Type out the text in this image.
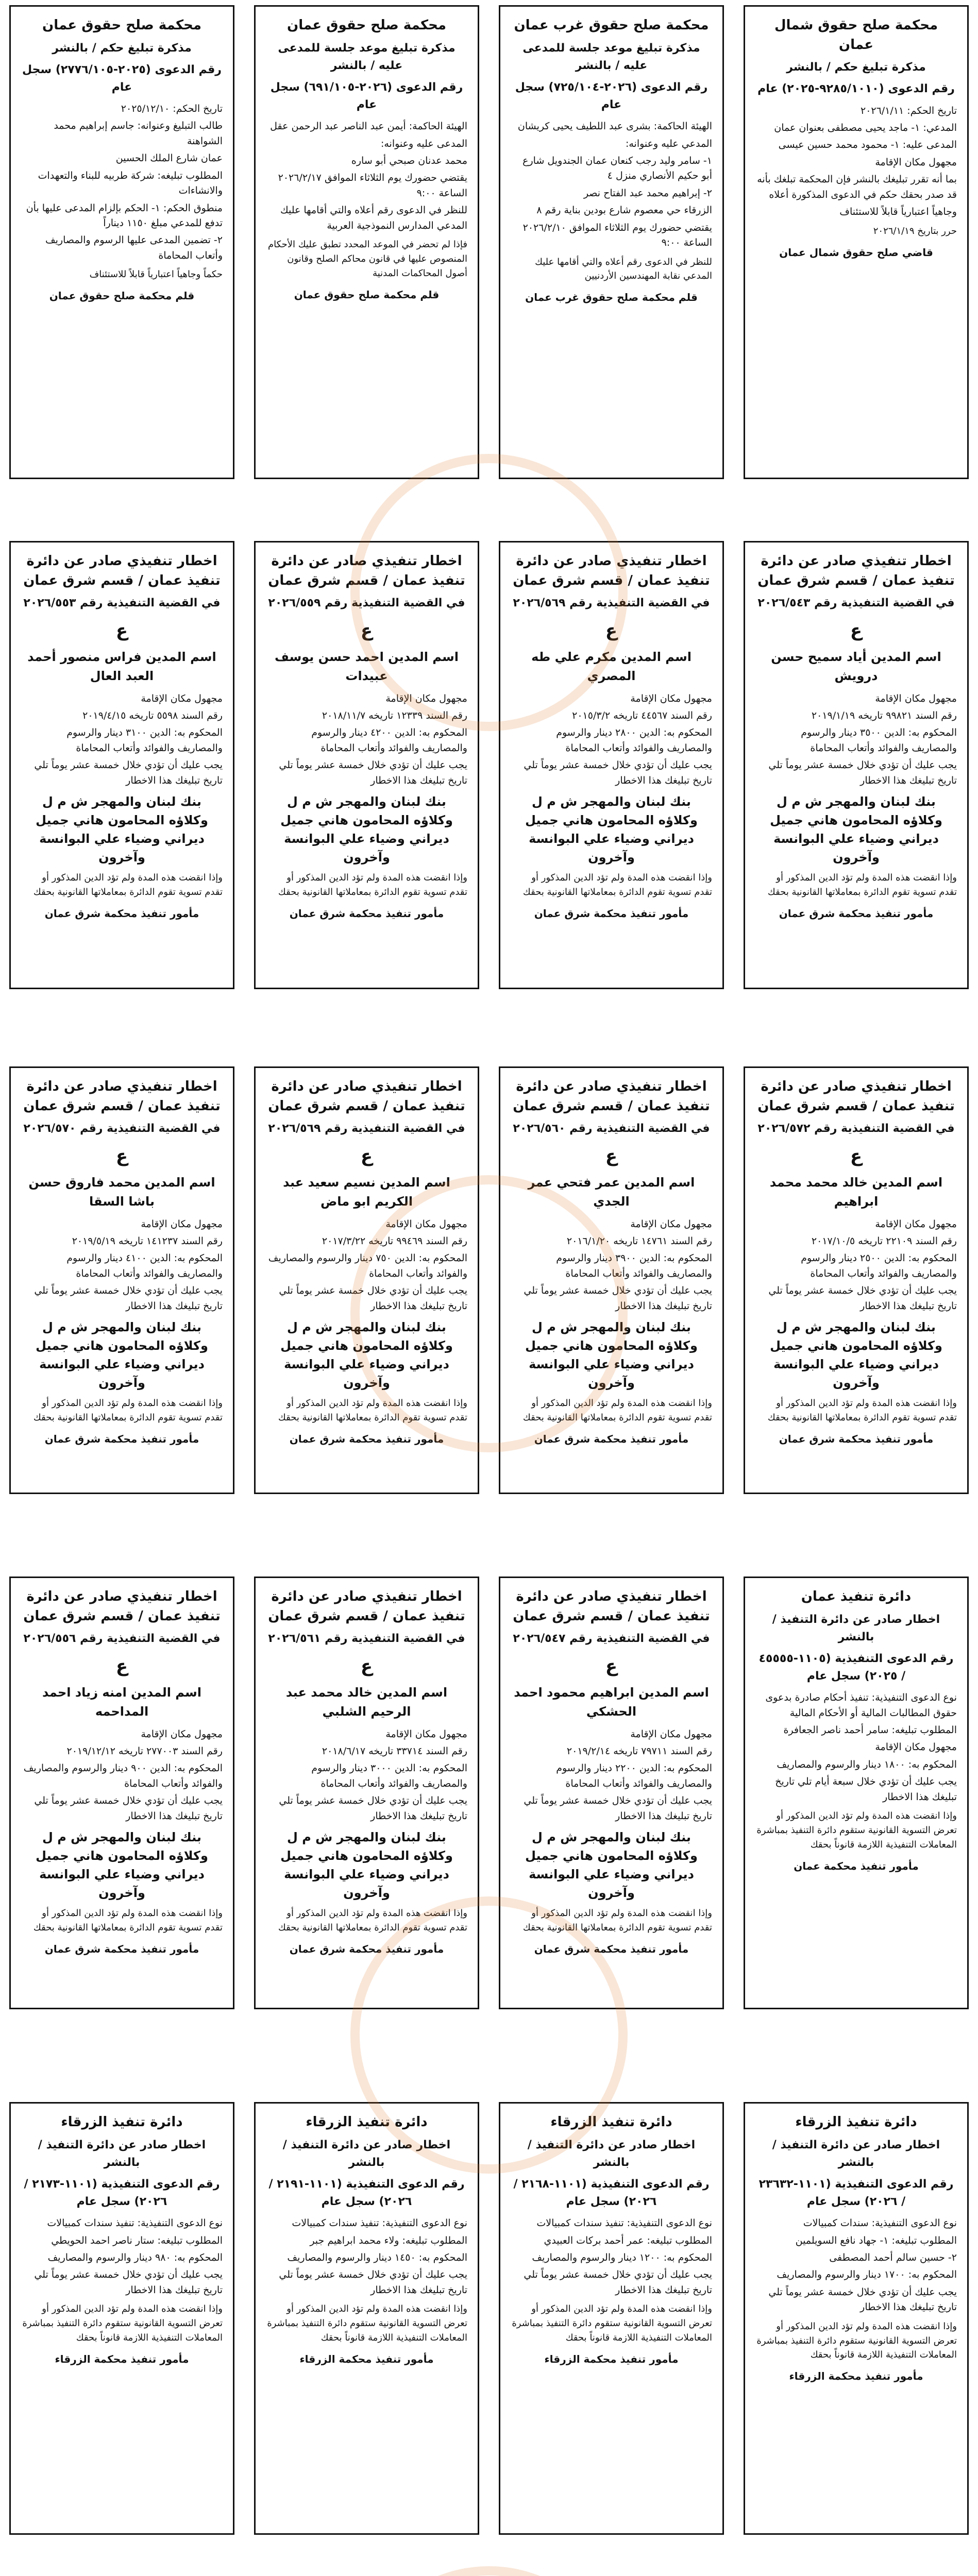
محكمة صلح حقوق شمال عمان
مذكرة تبليغ حكم / بالنشر
رقم الدعوى (٩٢٨٥/١٠١٠-٢٠٢٥) عام
تاريخ الحكم: ٢٠٢٦/١/١١
المدعي: ١- ماجد يحيى مصطفى بعنوان عمان
المدعى عليه: ١- محمود محمد حسين عيسى
مجهول مكان الإقامة
بما أنه تقرر تبليغك بالنشر فإن المحكمة تبلغك بأنه قد صدر بحقك حكم في الدعوى المذكورة أعلاه
وجاهياً اعتبارياً قابلاً للاستئناف
حرر بتاريخ ٢٠٢٦/١/١٩
قاضي صلح حقوق شمال عمان
محكمة صلح حقوق غرب عمان
مذكرة تبليغ موعد جلسة للمدعى عليه / بالنشر
رقم الدعوى (٢٠٢٦-٧٢٥/١٠٤) سجل عام
الهيئة الحاكمة: بشرى عبد اللطيف يحيى كريشان
المدعي عليه وعنوانه:
١- سامر وليد رجب كنعان عمان الجندويل شارع أبو حكيم الأنصاري منزل ٤
٢- إبراهيم محمد عبد الفتاح نصر
الزرقاء حي معصوم شارع بودين بناية رقم ٨
يقتضي حضورك يوم الثلاثاء الموافق ٢٠٢٦/٢/١٠ الساعة ٩:٠٠
للنظر في الدعوى رقم أعلاه والتي أقامها عليك المدعي نقابة المهندسين الأردنيين
قلم محكمة صلح حقوق غرب عمان
محكمة صلح حقوق عمان
مذكرة تبليغ موعد جلسة للمدعى عليه / بالنشر
رقم الدعوى (٢٠٢٦-٦٩١/١٠٥) سجل عام
الهيئة الحاكمة: أيمن عبد الناصر عبد الرحمن عقل
المدعى عليه وعنوانه:
محمد عدنان صبحي أبو ساره
يقتضي حضورك يوم الثلاثاء الموافق ٢٠٢٦/٢/١٧ الساعة ٩:٠٠
للنظر في الدعوى رقم أعلاه والتي أقامها عليك المدعي المدارس النموذجية العربية
فإذا لم تحضر في الموعد المحدد تطبق عليك الأحكام المنصوص عليها في قانون محاكم الصلح وقانون أصول المحاكمات المدنية
قلم محكمة صلح حقوق عمان
محكمة صلح حقوق عمان
مذكرة تبليغ حكم / بالنشر
رقم الدعوى (٢٠٢٥-٢٧٧٦/١٠٥) سجل عام
تاريخ الحكم: ٢٠٢٥/١٢/١٠
طالب التبليغ وعنوانه: جاسم إبراهيم محمد الشواهنة
عمان شارع الملك الحسين
المطلوب تبليغه: شركة طربيه للبناء والتعهدات والانشاءات
منطوق الحكم: ١- الحكم بإلزام المدعى عليها بأن تدفع للمدعي مبلغ ١١٥٠ ديناراً
٢- تضمين المدعى عليها الرسوم والمصاريف وأتعاب المحاماة
حكماً وجاهياً اعتبارياً قابلاً للاستئناف
قلم محكمة صلح حقوق عمان
اخطار تنفيذي صادر عن دائرة تنفيذ عمان / قسم شرق عمان
في القضية التنفيذية رقم ٢٠٢٦/٥٤٣
ع
اسم المدين أياد سميح حسن درويش
مجهول مكان الإقامة
رقم السند ٩٩٨٢١ تاريخه ٢٠١٩/١/١٩
المحكوم به: الدين ٣٥٠٠ دينار والرسوم والمصاريف والفوائد وأتعاب المحاماة
يجب عليك أن تؤدي خلال خمسة عشر يوماً تلي تاريخ تبليغك هذا الاخطار
بنك لبنان والمهجر ش م ل وكلاؤه المحامون هاني جميل ديراني وضياء علي البوانسة وآخرون
وإذا انقضت هذه المدة ولم تؤد الدين المذكور أو تقدم تسوية تقوم الدائرة بمعاملاتها القانونية بحقك
مأمور تنفيذ محكمة شرق عمان
اخطار تنفيذي صادر عن دائرة تنفيذ عمان / قسم شرق عمان
في القضية التنفيذية رقم ٢٠٢٦/٥٦٩
ع
اسم المدين مكرم علي طه المصري
مجهول مكان الإقامة
رقم السند ٤٤٥٦٧ تاريخه ٢٠١٥/٣/٢
المحكوم به: الدين ٢٨٠٠ دينار والرسوم والمصاريف والفوائد وأتعاب المحاماة
يجب عليك أن تؤدي خلال خمسة عشر يوماً تلي تاريخ تبليغك هذا الاخطار
بنك لبنان والمهجر ش م ل وكلاؤه المحامون هاني جميل ديراني وضياء علي البوانسة وآخرون
وإذا انقضت هذه المدة ولم تؤد الدين المذكور أو تقدم تسوية تقوم الدائرة بمعاملاتها القانونية بحقك
مأمور تنفيذ محكمة شرق عمان
اخطار تنفيذي صادر عن دائرة تنفيذ عمان / قسم شرق عمان
في القضية التنفيذية رقم ٢٠٢٦/٥٥٩
ع
اسم المدين احمد حسن يوسف عبيدات
مجهول مكان الإقامة
رقم السند ١٢٣٣٩ تاريخه ٢٠١٨/١١/٧
المحكوم به: الدين ٤٢٠٠ دينار والرسوم والمصاريف والفوائد وأتعاب المحاماة
يجب عليك أن تؤدي خلال خمسة عشر يوماً تلي تاريخ تبليغك هذا الاخطار
بنك لبنان والمهجر ش م ل وكلاؤه المحامون هاني جميل ديراني وضياء علي البوانسة وآخرون
وإذا انقضت هذه المدة ولم تؤد الدين المذكور أو تقدم تسوية تقوم الدائرة بمعاملاتها القانونية بحقك
مأمور تنفيذ محكمة شرق عمان
اخطار تنفيذي صادر عن دائرة تنفيذ عمان / قسم شرق عمان
في القضية التنفيذية رقم ٢٠٢٦/٥٥٣
ع
اسم المدين فراس منصور أحمد العبد العال
مجهول مكان الإقامة
رقم السند ٥٥٩٨ تاريخه ٢٠١٩/٤/١٥
المحكوم به: الدين ٣١٠٠ دينار والرسوم والمصاريف والفوائد وأتعاب المحاماة
يجب عليك أن تؤدي خلال خمسة عشر يوماً تلي تاريخ تبليغك هذا الاخطار
بنك لبنان والمهجر ش م ل وكلاؤه المحامون هاني جميل ديراني وضياء علي البوانسة وآخرون
وإذا انقضت هذه المدة ولم تؤد الدين المذكور أو تقدم تسوية تقوم الدائرة بمعاملاتها القانونية بحقك
مأمور تنفيذ محكمة شرق عمان
اخطار تنفيذي صادر عن دائرة تنفيذ عمان / قسم شرق عمان
في القضية التنفيذية رقم ٢٠٢٦/٥٧٢
ع
اسم المدين خالد محمد محمد ابراهيم
مجهول مكان الإقامة
رقم السند ٢٢١٠٩ تاريخه ٢٠١٧/١٠/٥
المحكوم به: الدين ٢٥٠٠ دينار والرسوم والمصاريف والفوائد وأتعاب المحاماة
يجب عليك أن تؤدي خلال خمسة عشر يوماً تلي تاريخ تبليغك هذا الاخطار
بنك لبنان والمهجر ش م ل وكلاؤه المحامون هاني جميل ديراني وضياء علي البوانسة وآخرون
وإذا انقضت هذه المدة ولم تؤد الدين المذكور أو تقدم تسوية تقوم الدائرة بمعاملاتها القانونية بحقك
مأمور تنفيذ محكمة شرق عمان
اخطار تنفيذي صادر عن دائرة تنفيذ عمان / قسم شرق عمان
في القضية التنفيذية رقم ٢٠٢٦/٥٦٠
ع
اسم المدين عمر فتحي عمر الجدي
مجهول مكان الإقامة
رقم السند ١٤٧٦١ تاريخه ٢٠١٦/١/٢٠
المحكوم به: الدين ٣٩٠٠ دينار والرسوم والمصاريف والفوائد وأتعاب المحاماة
يجب عليك أن تؤدي خلال خمسة عشر يوماً تلي تاريخ تبليغك هذا الاخطار
بنك لبنان والمهجر ش م ل وكلاؤه المحامون هاني جميل ديراني وضياء علي البوانسة وآخرون
وإذا انقضت هذه المدة ولم تؤد الدين المذكور أو تقدم تسوية تقوم الدائرة بمعاملاتها القانونية بحقك
مأمور تنفيذ محكمة شرق عمان
اخطار تنفيذي صادر عن دائرة تنفيذ عمان / قسم شرق عمان
في القضية التنفيذية رقم ٢٠٢٦/٥٦٩
ع
اسم المدين نسيم سعيد عبد الكريم ابو ماض
مجهول مكان الإقامة
رقم السند ٩٩٤٦٩ تاريخه ٢٠١٧/٣/٢٢
المحكوم به: الدين ٧٥٠ دينار والرسوم والمصاريف والفوائد وأتعاب المحاماة
يجب عليك أن تؤدي خلال خمسة عشر يوماً تلي تاريخ تبليغك هذا الاخطار
بنك لبنان والمهجر ش م ل وكلاؤه المحامون هاني جميل ديراني وضياء علي البوانسة وآخرون
وإذا انقضت هذه المدة ولم تؤد الدين المذكور أو تقدم تسوية تقوم الدائرة بمعاملاتها القانونية بحقك
مأمور تنفيذ محكمة شرق عمان
اخطار تنفيذي صادر عن دائرة تنفيذ عمان / قسم شرق عمان
في القضية التنفيذية رقم ٢٠٢٦/٥٧٠
ع
اسم المدين محمد فاروق حسن باشا السقا
مجهول مكان الإقامة
رقم السند ١٤١٢٣٧ تاريخه ٢٠١٩/٥/١٩
المحكوم به: الدين ٤١٠٠ دينار والرسوم والمصاريف والفوائد وأتعاب المحاماة
يجب عليك أن تؤدي خلال خمسة عشر يوماً تلي تاريخ تبليغك هذا الاخطار
بنك لبنان والمهجر ش م ل وكلاؤه المحامون هاني جميل ديراني وضياء علي البوانسة وآخرون
وإذا انقضت هذه المدة ولم تؤد الدين المذكور أو تقدم تسوية تقوم الدائرة بمعاملاتها القانونية بحقك
مأمور تنفيذ محكمة شرق عمان
دائرة تنفيذ عمان
اخطار صادر عن دائرة التنفيذ / بالنشر
رقم الدعوى التنفيذية (١١٠٥-٤٥٥٥٥ / ٢٠٢٥) سجل عام
نوع الدعوى التنفيذية: تنفيذ أحكام صادرة بدعوى حقوق المطالبات المالية أو الأحكام المالية
المطلوب تبليغه: سامر أحمد ناصر الجعافرة
مجهول مكان الإقامة
المحكوم به: ١٨٠٠ دينار والرسوم والمصاريف
يجب عليك أن تؤدي خلال سبعة أيام تلي تاريخ تبليغك هذا الاخطار
وإذا انقضت هذه المدة ولم تؤد الدين المذكور أو تعرض التسوية القانونية ستقوم دائرة التنفيذ بمباشرة المعاملات التنفيذية اللازمة قانوناً بحقك
مأمور تنفيذ محكمة عمان
اخطار تنفيذي صادر عن دائرة تنفيذ عمان / قسم شرق عمان
في القضية التنفيذية رقم ٢٠٢٦/٥٤٧
ع
اسم المدين ابراهيم محمود احمد الحشكي
مجهول مكان الإقامة
رقم السند ٧٩٧١١ تاريخه ٢٠١٩/٢/١٤
المحكوم به: الدين ٢٢٠٠ دينار والرسوم والمصاريف والفوائد وأتعاب المحاماة
يجب عليك أن تؤدي خلال خمسة عشر يوماً تلي تاريخ تبليغك هذا الاخطار
بنك لبنان والمهجر ش م ل وكلاؤه المحامون هاني جميل ديراني وضياء علي البوانسة وآخرون
وإذا انقضت هذه المدة ولم تؤد الدين المذكور أو تقدم تسوية تقوم الدائرة بمعاملاتها القانونية بحقك
مأمور تنفيذ محكمة شرق عمان
اخطار تنفيذي صادر عن دائرة تنفيذ عمان / قسم شرق عمان
في القضية التنفيذية رقم ٢٠٢٦/٥٦١
ع
اسم المدين خالد محمد عبد الرحيم الشلبي
مجهول مكان الإقامة
رقم السند ٣٣٧١٤ تاريخه ٢٠١٨/٦/١٧
المحكوم به: الدين ٣٠٠٠ دينار والرسوم والمصاريف والفوائد وأتعاب المحاماة
يجب عليك أن تؤدي خلال خمسة عشر يوماً تلي تاريخ تبليغك هذا الاخطار
بنك لبنان والمهجر ش م ل وكلاؤه المحامون هاني جميل ديراني وضياء علي البوانسة وآخرون
وإذا انقضت هذه المدة ولم تؤد الدين المذكور أو تقدم تسوية تقوم الدائرة بمعاملاتها القانونية بحقك
مأمور تنفيذ محكمة شرق عمان
اخطار تنفيذي صادر عن دائرة تنفيذ عمان / قسم شرق عمان
في القضية التنفيذية رقم ٢٠٢٦/٥٥٦
ع
اسم المدين امنه زياد احمد المداحمه
مجهول مكان الإقامة
رقم السند ٢٧٧٠٠٣ تاريخه ٢٠١٩/١٢/١٢
المحكوم به: الدين ٩٠٠ دينار والرسوم والمصاريف والفوائد وأتعاب المحاماة
يجب عليك أن تؤدي خلال خمسة عشر يوماً تلي تاريخ تبليغك هذا الاخطار
بنك لبنان والمهجر ش م ل وكلاؤه المحامون هاني جميل ديراني وضياء علي البوانسة وآخرون
وإذا انقضت هذه المدة ولم تؤد الدين المذكور أو تقدم تسوية تقوم الدائرة بمعاملاتها القانونية بحقك
مأمور تنفيذ محكمة شرق عمان
دائرة تنفيذ الزرقاء
اخطار صادر عن دائرة التنفيذ / بالنشر
رقم الدعوى التنفيذية (١١٠١-٢٣٦٣٢ / ٢٠٢٦) سجل عام
نوع الدعوى التنفيذية: سندات كمبيالات
المطلوب تبليغه: ١- جهاد نافع السويلمين
٢- حسين سالم أحمد المصطفى
المحكوم به: ١٧٠٠ دينار والرسوم والمصاريف
يجب عليك أن تؤدي خلال خمسة عشر يوماً تلي تاريخ تبليغك هذا الاخطار
وإذا انقضت هذه المدة ولم تؤد الدين المذكور أو تعرض التسوية القانونية ستقوم دائرة التنفيذ بمباشرة المعاملات التنفيذية اللازمة قانوناً بحقك
مأمور تنفيذ محكمة الزرقاء
دائرة تنفيذ الزرقاء
اخطار صادر عن دائرة التنفيذ / بالنشر
رقم الدعوى التنفيذية (١١٠١-٢١٦٨ / ٢٠٢٦) سجل عام
نوع الدعوى التنفيذية: تنفيذ سندات كمبيالات
المطلوب تبليغه: عمر أحمد بركات العبيدي
المحكوم به: ١٢٠٠ دينار والرسوم والمصاريف
يجب عليك أن تؤدي خلال خمسة عشر يوماً تلي تاريخ تبليغك هذا الاخطار
وإذا انقضت هذه المدة ولم تؤد الدين المذكور أو تعرض التسوية القانونية ستقوم دائرة التنفيذ بمباشرة المعاملات التنفيذية اللازمة قانوناً بحقك
مأمور تنفيذ محكمة الزرقاء
دائرة تنفيذ الزرقاء
اخطار صادر عن دائرة التنفيذ / بالنشر
رقم الدعوى التنفيذية (١١٠١-٢١٩١ / ٢٠٢٦) سجل عام
نوع الدعوى التنفيذية: تنفيذ سندات كمبيالات
المطلوب تبليغه: ولاء محمد ابراهيم جبر
المحكوم به: ١٤٥٠ دينار والرسوم والمصاريف
يجب عليك أن تؤدي خلال خمسة عشر يوماً تلي تاريخ تبليغك هذا الاخطار
وإذا انقضت هذه المدة ولم تؤد الدين المذكور أو تعرض التسوية القانونية ستقوم دائرة التنفيذ بمباشرة المعاملات التنفيذية اللازمة قانوناً بحقك
مأمور تنفيذ محكمة الزرقاء
دائرة تنفيذ الزرقاء
اخطار صادر عن دائرة التنفيذ / بالنشر
رقم الدعوى التنفيذية (١١٠١-٢١٧٣ / ٢٠٢٦) سجل عام
نوع الدعوى التنفيذية: تنفيذ سندات كمبيالات
المطلوب تبليغه: ستار ناصر احمد الحويطي
المحكوم به: ٩٨٠ دينار والرسوم والمصاريف
يجب عليك أن تؤدي خلال خمسة عشر يوماً تلي تاريخ تبليغك هذا الاخطار
وإذا انقضت هذه المدة ولم تؤد الدين المذكور أو تعرض التسوية القانونية ستقوم دائرة التنفيذ بمباشرة المعاملات التنفيذية اللازمة قانوناً بحقك
مأمور تنفيذ محكمة الزرقاء
